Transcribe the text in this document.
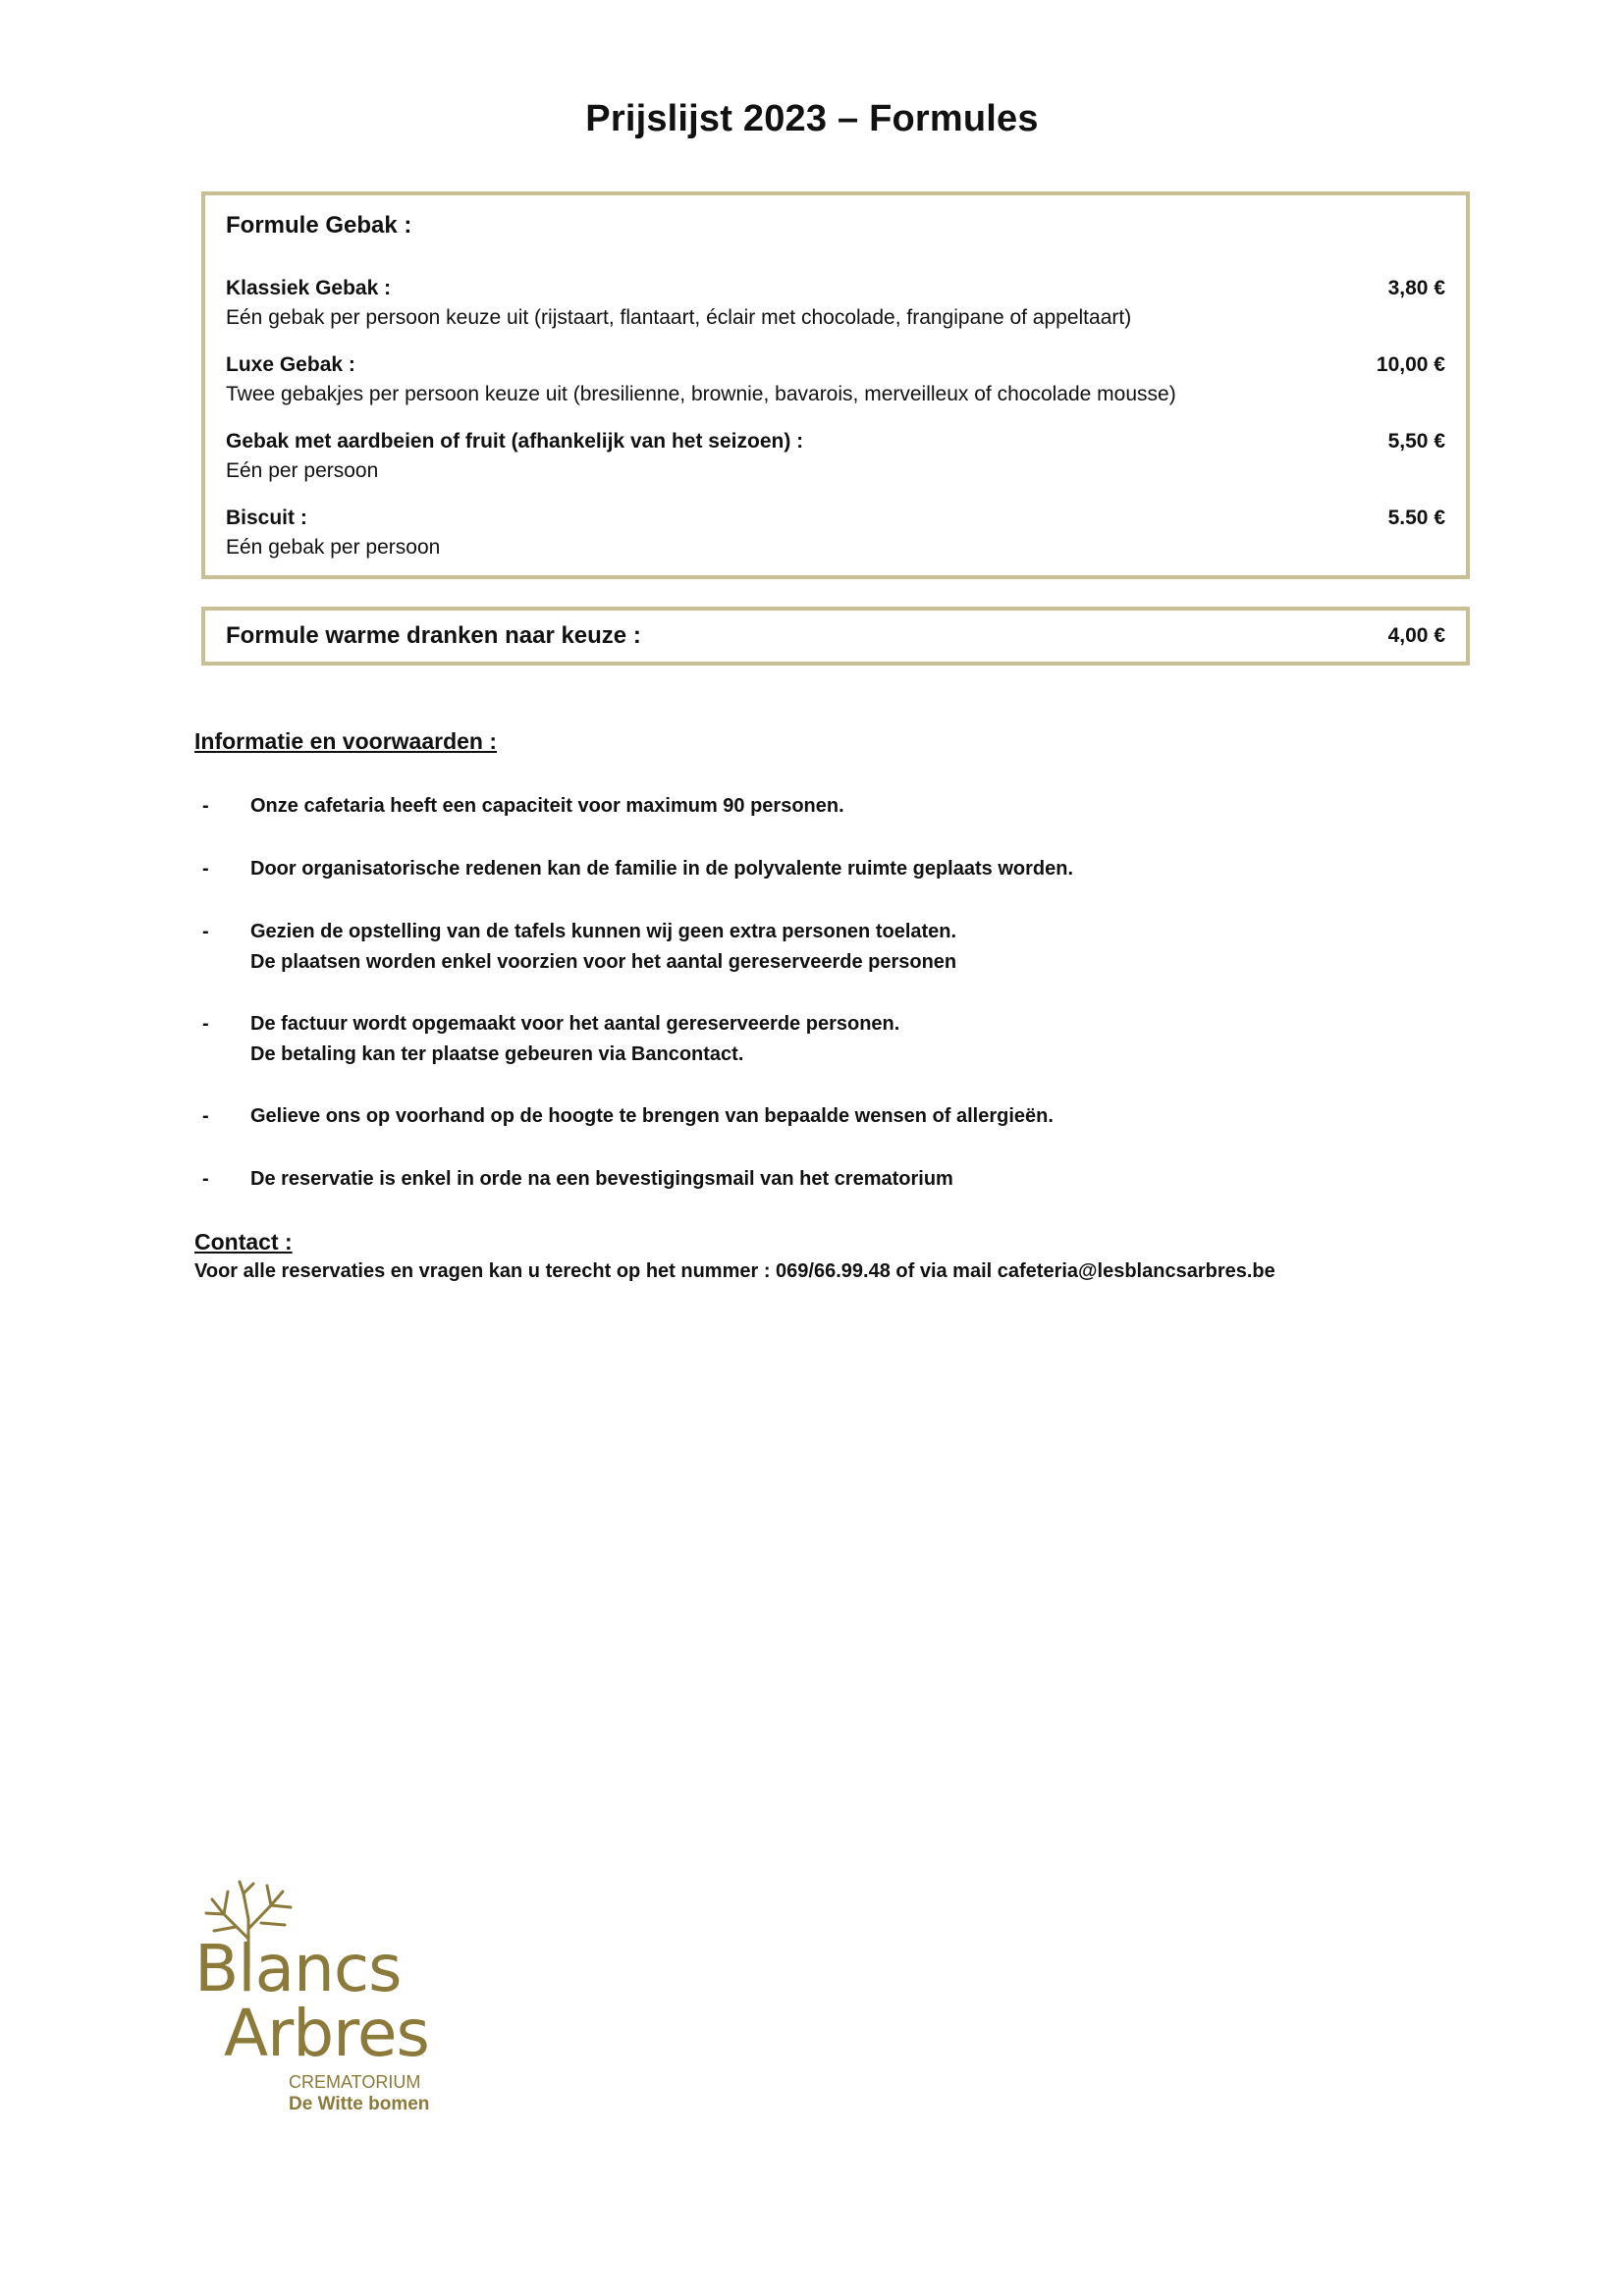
Prijslijst 2023 – Formules
Formule Gebak :
Klassiek Gebak :
Eén gebak per persoon keuze uit (rijstaart, flantaart, éclair met chocolade, frangipane of appeltaart)
3,80 €
Luxe Gebak :
Twee gebakjes per persoon keuze uit (bresilienne, brownie, bavarois, merveilleux of chocolade mousse)
10,00 €
Gebak met aardbeien of fruit (afhankelijk van het seizoen) :
Eén per persoon
5,50 €
Biscuit :
Eén gebak per persoon
5.50 €
Formule warme dranken naar keuze :	4,00 €
Informatie en voorwaarden :
- Onze cafetaria heeft een capaciteit voor maximum 90 personen.
- Door organisatorische redenen kan de familie in de polyvalente ruimte geplaats worden.
- Gezien de opstelling van de tafels kunnen wij geen extra personen toelaten.
De plaatsen worden enkel voorzien voor het aantal gereserveerde personen
- De factuur wordt opgemaakt voor het aantal gereserveerde personen.
De betaling kan ter plaatse gebeuren via Bancontact.
- Gelieve ons op voorhand op de hoogte te brengen van bepaalde wensen of allergieën.
- De reservatie is enkel in orde na een bevestigingsmail van het crematorium
Contact :
Voor alle reservaties en vragen kan u terecht op het nummer : 069/66.99.48 of via mail cafeteria@lesblancsarbres.be
Blancs
Arbres
CREMATORIUM
De Witte bomen
